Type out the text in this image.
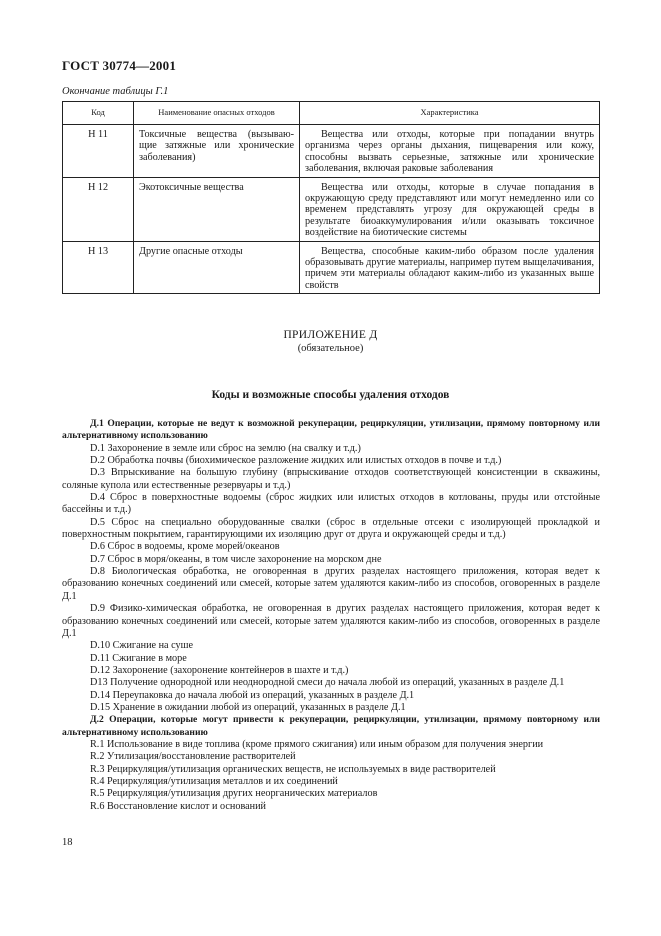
ГОСТ 30774—2001
Окончание таблицы Г.1
Код	Наименование опасных отходов	Характеристика
Н 11	Токсичные вещества (вызываю-щие затяжные или хронические заболевания)	Вещества или отходы, которые при попадании внутрь организма через органы дыхания, пищеварения или кожу, способны вызвать серьезные, затяжные или хронические заболевания, включая раковые заболевания
Н 12	Экотоксичные вещества	Вещества или отходы, которые в случае попадания в окружающую среду представляют или могут немедленно или со временем представлять угрозу для окружающей среды в результате биоаккумулирования и/или оказывать токсичное воздействие на биотические системы
Н 13	Другие опасные отходы	Вещества, способные каким-либо образом после удаления образовывать другие материалы, например путем выщелачивания, причем эти материалы обладают каким-либо из указанных выше свойств
ПРИЛОЖЕНИЕ Д
(обязательное)
Коды и возможные способы удаления отходов

Д.1 Операции, которые не ведут к возможной рекуперации, рециркуляции, утилизации, прямому повторному или альтернативному использованию

D.1 Захоронение в земле или сброс на землю (на свалку и т.д.)

D.2 Обработка почвы (биохимическое разложение жидких или илистых отходов в почве и т.д.)

D.3 Впрыскивание на большую глубину (впрыскивание отходов соответствующей консистенции в скважины, соляные купола или естественные резервуары и т.д.)

D.4 Сброс в поверхностные водоемы (сброс жидких или илистых отходов в котлованы, пруды или отстойные бассейны и т.д.)

D.5 Сброс на специально оборудованные свалки (сброс в отдельные отсеки с изолирующей прокладкой и поверхностным покрытием, гарантирующими их изоляцию друг от друга и окружающей среды и т.д.)

D.6 Сброс в водоемы, кроме морей/океанов

D.7 Сброс в моря/океаны, в том числе захоронение на морском дне

D.8 Биологическая обработка, не оговоренная в других разделах настоящего приложения, которая ведет к образованию конечных соединений или смесей, которые затем удаляются каким-либо из способов, оговоренных в разделе Д.1

D.9 Физико-химическая обработка, не оговоренная в других разделах настоящего приложения, которая ведет к образованию конечных соединений или смесей, которые затем удаляются каким-либо из способов, оговоренных в разделе Д.1

D.10 Сжигание на суше

D.11 Сжигание в море

D.12 Захоронение (захоронение контейнеров в шахте и т.д.)

D13 Получение однородной или неоднородной смеси до начала любой из операций, указанных в разделе Д.1

D.14 Переупаковка до начала любой из операций, указанных в разделе Д.1

D.15 Хранение в ожидании любой из операций, указанных в разделе Д.1

Д.2 Операции, которые могут привести к рекуперации, рециркуляции, утилизации, прямому повторному или альтернативному использованию

R.1 Использование в виде топлива (кроме прямого сжигания) или иным образом для получения энергии

R.2 Утилизация/восстановление растворителей

R.3 Рециркуляция/утилизация органических веществ, не используемых в виде растворителей

R.4 Рециркуляция/утилизация металлов и их соединений

R.5 Рециркуляция/утилизация других неорганических материалов

R.6 Восстановление кислот и оснований

18
